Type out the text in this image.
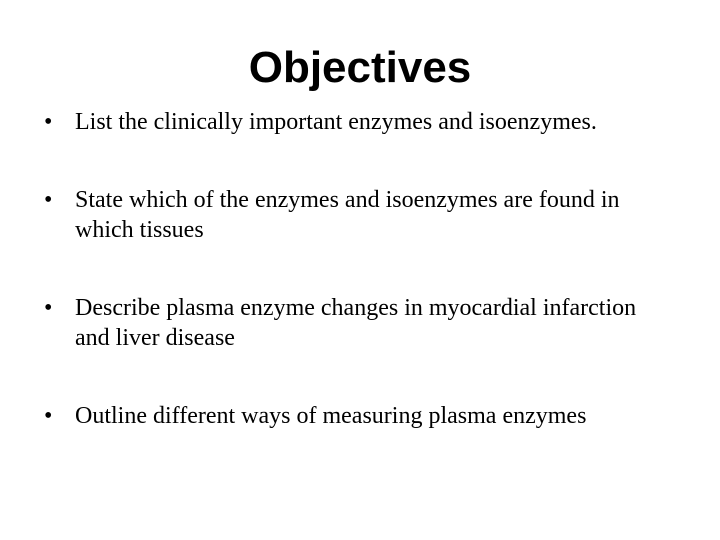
Objectives
• List the clinically important enzymes and isoenzymes.
• State which of the enzymes and isoenzymes are found in which tissues
• Describe plasma enzyme changes in myocardial infarction and liver disease
• Outline different ways of measuring plasma enzymes
